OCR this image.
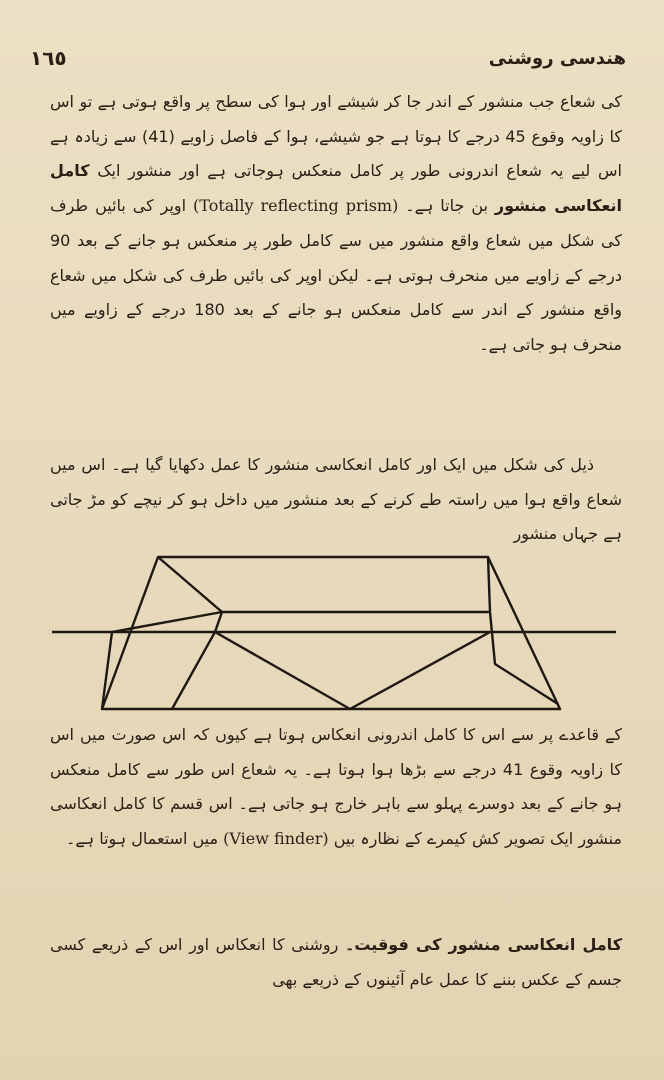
١٦٥	ھندسی روشنی

کی شعاع جب منشور کے اندر جا کر شیشے اور ہوا کی سطح پر واقع ہوتی ہے تو اس کا زاویہ وقوع 45 درجے کا ہوتا ہے جو شیشے، ہوا کے فاصل زاویے (41) سے زیادہ ہے اس لیے یہ شعاع اندرونی طور پر کامل منعکس ہوجاتی ہے اور منشور ایک کامل انعکاسی منشور بن جاتا ہے۔ (Totally reflecting prism) اوپر کی بائیں طرف کی شکل میں شعاع واقع منشور میں سے کامل طور پر منعکس ہو جانے کے بعد 90 درجے کے زاویے میں منحرف ہوتی ہے۔ لیکن اوپر کی بائیں طرف کی شکل میں شعاع واقع منشور کے اندر سے کامل منعکس ہو جانے کے بعد 180 درجے کے زاویے میں منحرف ہو جاتی ہے۔

ذیل کی شکل میں ایک اور کامل انعکاسی منشور کا عمل دکھایا گیا ہے۔ اس میں شعاع واقع ہوا میں راستہ طے کرنے کے بعد منشور میں داخل ہو کر نیچے کو مڑ جاتی ہے جہاں منشور

کے قاعدے پر سے اس کا کامل اندرونی انعکاس ہوتا ہے کیوں کہ اس صورت میں اس کا زاویہ وقوع 41 درجے سے بڑھا ہوا ہوتا ہے۔ یہ شعاع اس طور سے کامل منعکس ہو جانے کے بعد دوسرے پہلو سے باہر خارج ہو جاتی ہے۔ اس قسم کا کامل انعکاسی منشور ایک تصویر کش کیمرے کے نظارہ بیں (View finder) میں استعمال ہوتا ہے۔

کامل انعکاسی منشور کی فوقیت۔ روشنی کا انعکاس اور اس کے ذریعے کسی جسم کے عکس بننے کا عمل عام آئینوں کے ذریعے بھی
